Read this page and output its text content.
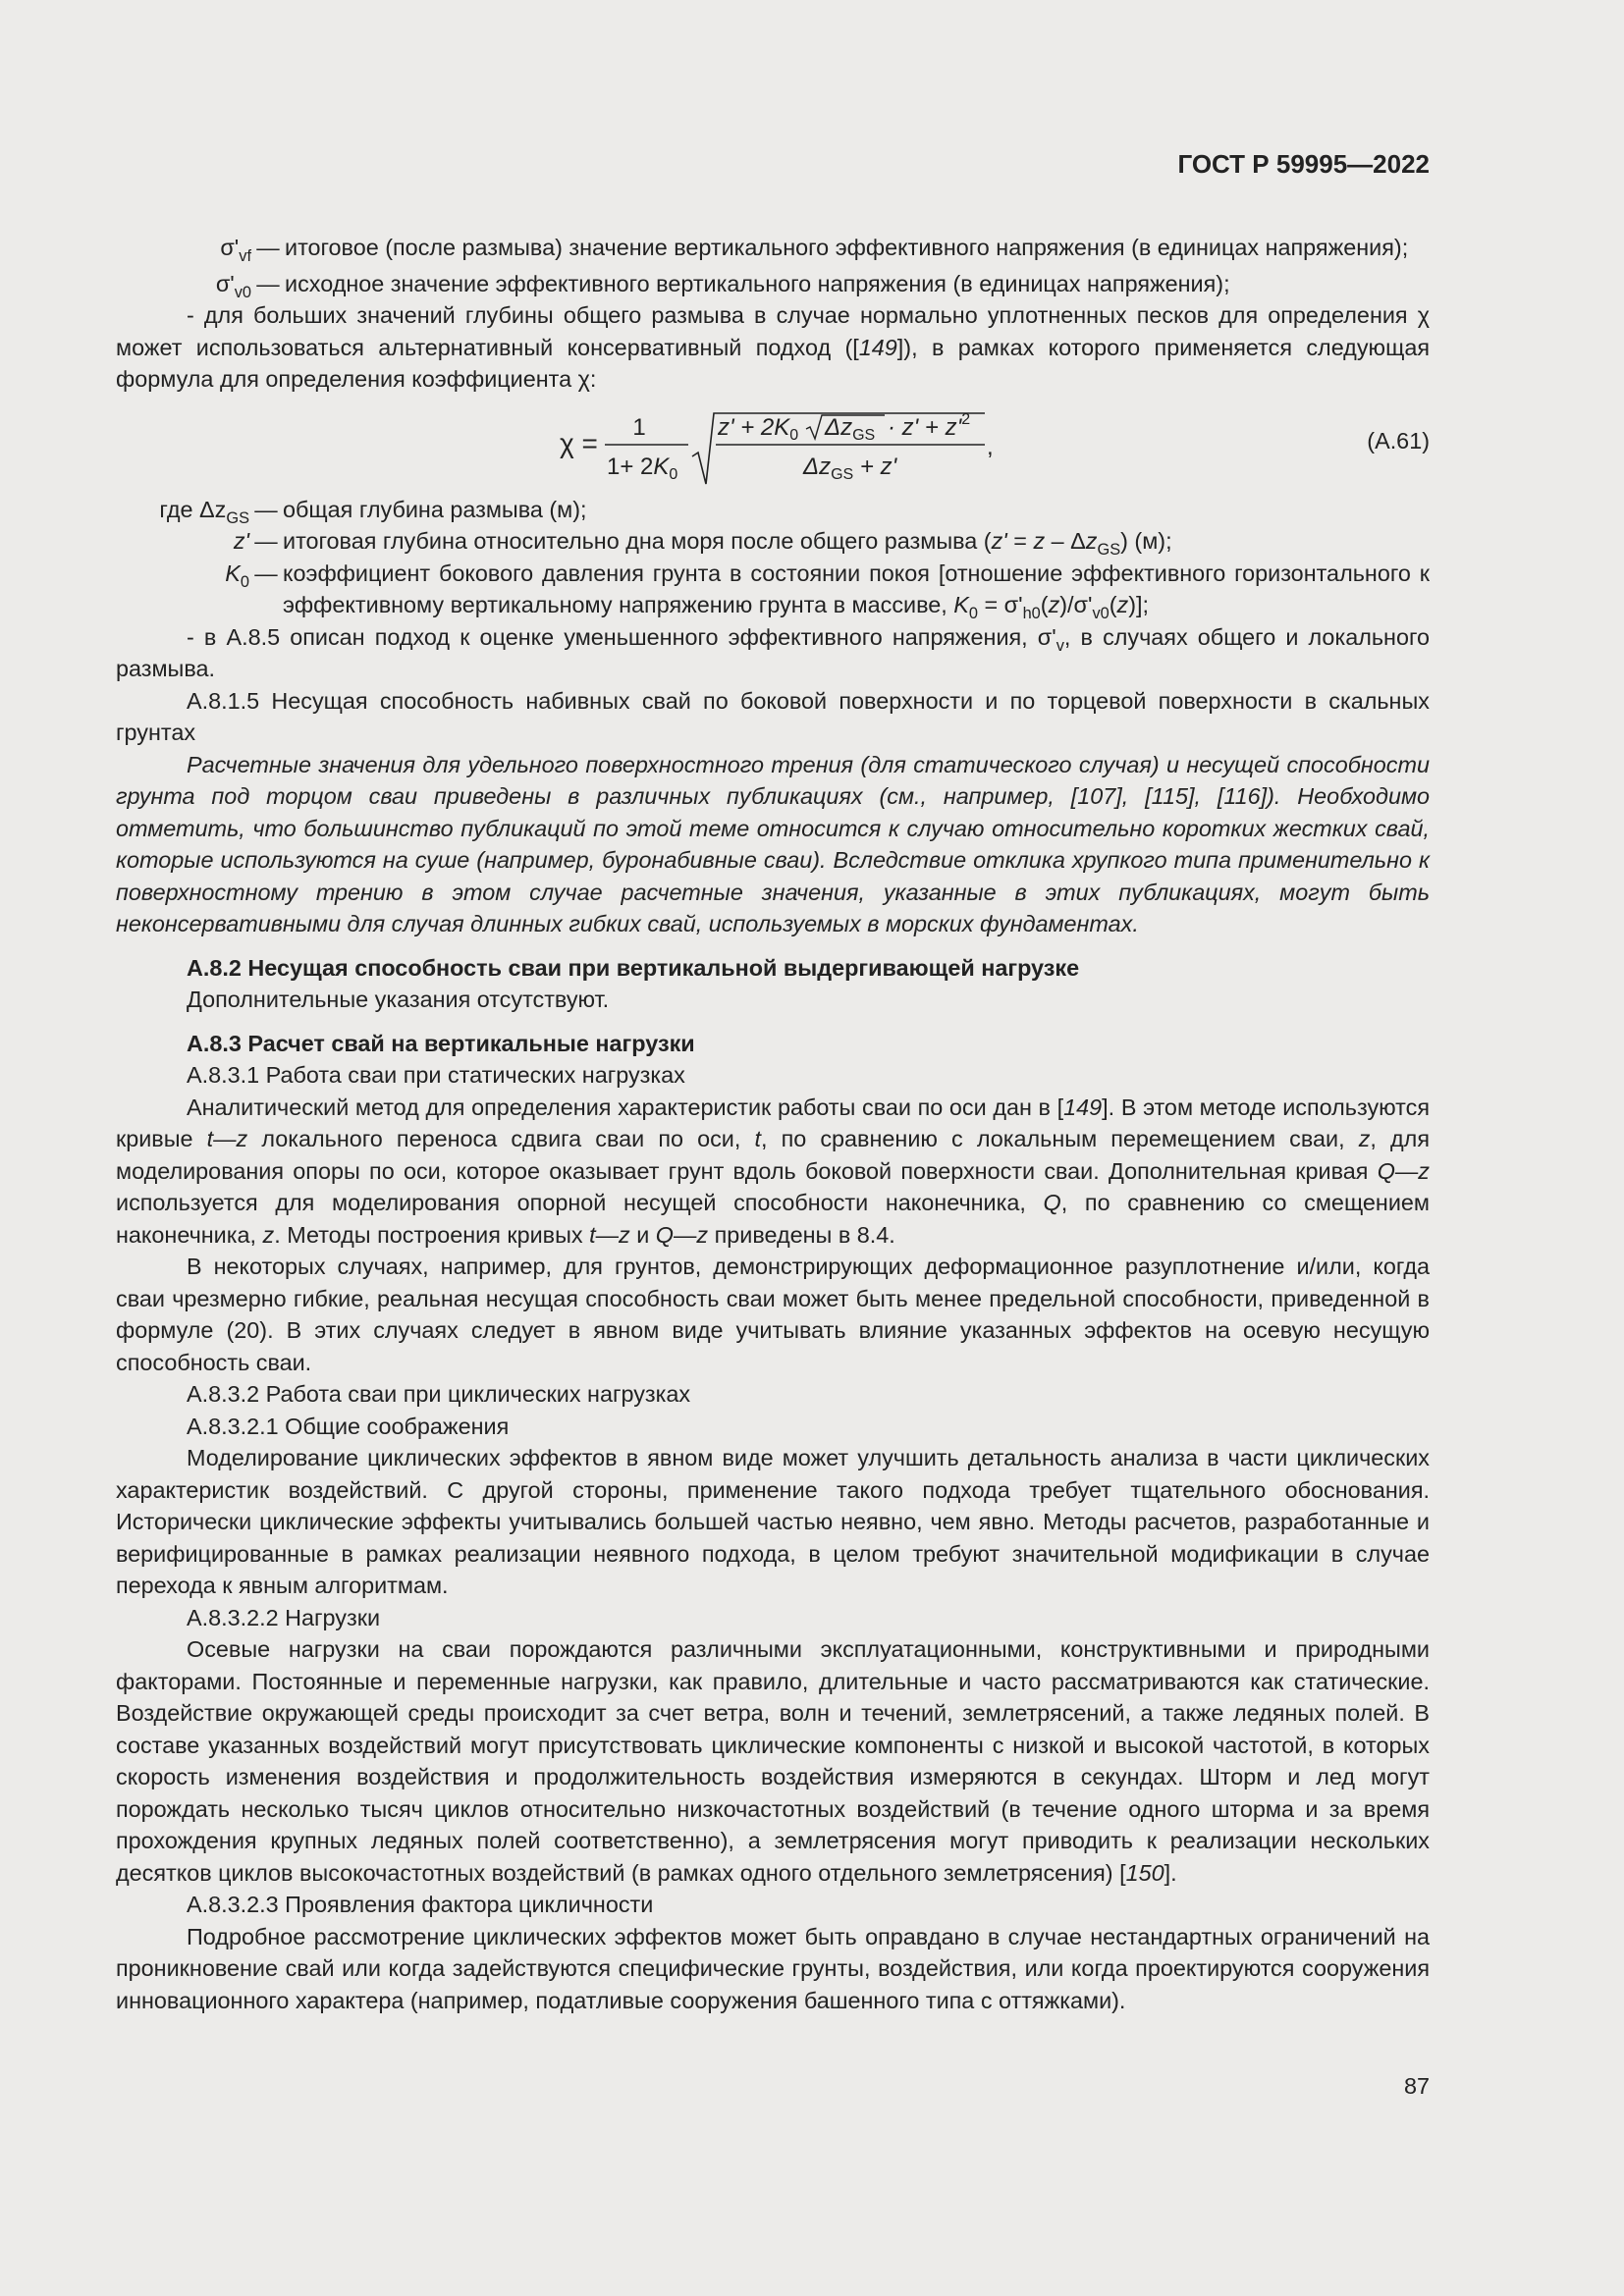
ГОСТ Р 59995—2022
$\sigma'_{vf}$ — итоговое (после размыва) значение вертикального эффективного напряжения (в единицах напряжения);
$\sigma'_{v0}$ — исходное значение эффективного вертикального напряжения (в единицах напряжения);

- для больших значений глубины общего размыва в случае нормально уплотненных песков для определения χ может использоваться альтернативный консервативный подход ([149]), в рамках которого применяется следующая формула для определения коэффициента χ:

χ =
1
$1+ 2K_0$
$z' + 2K_0$ $\Delta z_{GS} \cdot z' + z'^2$
$\Delta z_{GS} + z'$
,	(А.61)
где $\Delta z_{GS}$ — общая глубина размыва (м);
z' — итоговая глубина относительно дна моря после общего размыва $(z' = z - \Delta z_{GS})$ (м);
$K_0$ — коэффициент бокового давления грунта в состоянии покоя [отношение эффективного горизонтального к эффективному вертикальному напряжению грунта в массиве, $K_0 = \sigma'_{h0}(z)/\sigma'_{v0}(z)$];

- в А.8.5 описан подход к оценке уменьшенного эффективного напряжения, $\sigma'_v$, в случаях общего и локального размыва.

А.8.1.5 Несущая способность набивных свай по боковой поверхности и по торцевой поверхности в скальных грунтах

Расчетные значения для удельного поверхностного трения (для статического случая) и несущей способности грунта под торцом сваи приведены в различных публикациях (см., например, [107], [115], [116]). Необходимо отметить, что большинство публикаций по этой теме относится к случаю относительно коротких жестких свай, которые используются на суше (например, буронабивные сваи). Вследствие отклика хрупкого типа применительно к поверхностному трению в этом случае расчетные значения, указанные в этих публикациях, могут быть неконсервативными для случая длинных гибких свай, используемых в морских фундаментах.

А.8.2 Несущая способность сваи при вертикальной выдергивающей нагрузке

Дополнительные указания отсутствуют.

А.8.3 Расчет свай на вертикальные нагрузки

А.8.3.1 Работа сваи при статических нагрузках

Аналитический метод для определения характеристик работы сваи по оси дан в [149]. В этом методе используются кривые t—z локального переноса сдвига сваи по оси, t, по сравнению с локальным перемещением сваи, z, для моделирования опоры по оси, которое оказывает грунт вдоль боковой поверхности сваи. Дополнительная кривая Q—z используется для моделирования опорной несущей способности наконечника, Q, по сравнению со смещением наконечника, z. Методы построения кривых t—z и Q—z приведены в 8.4.

В некоторых случаях, например, для грунтов, демонстрирующих деформационное разуплотнение и/или, когда сваи чрезмерно гибкие, реальная несущая способность сваи может быть менее предельной способности, приведенной в формуле (20). В этих случаях следует в явном виде учитывать влияние указанных эффектов на осевую несущую способность сваи.

А.8.3.2 Работа сваи при циклических нагрузках

А.8.3.2.1 Общие соображения

Моделирование циклических эффектов в явном виде может улучшить детальность анализа в части циклических характеристик воздействий. С другой стороны, применение такого подхода требует тщательного обоснования. Исторически циклические эффекты учитывались большей частью неявно, чем явно. Методы расчетов, разработанные и верифицированные в рамках реализации неявного подхода, в целом требуют значительной модификации в случае перехода к явным алгоритмам.

А.8.3.2.2 Нагрузки

Осевые нагрузки на сваи порождаются различными эксплуатационными, конструктивными и природными факторами. Постоянные и переменные нагрузки, как правило, длительные и часто рассматриваются как статические. Воздействие окружающей среды происходит за счет ветра, волн и течений, землетрясений, а также ледяных полей. В составе указанных воздействий могут присутствовать циклические компоненты с низкой и высокой частотой, в которых скорость изменения воздействия и продолжительность воздействия измеряются в секундах. Шторм и лед могут порождать несколько тысяч циклов относительно низкочастотных воздействий (в течение одного шторма и за время прохождения крупных ледяных полей соответственно), а землетрясения могут приводить к реализации нескольких десятков циклов высокочастотных воздействий (в рамках одного отдельного землетрясения) [150].

А.8.3.2.3 Проявления фактора цикличности

Подробное рассмотрение циклических эффектов может быть оправдано в случае нестандартных ограничений на проникновение свай или когда задействуются специфические грунты, воздействия, или когда проектируются сооружения инновационного характера (например, податливые сооружения башенного типа с оттяжками).

87
